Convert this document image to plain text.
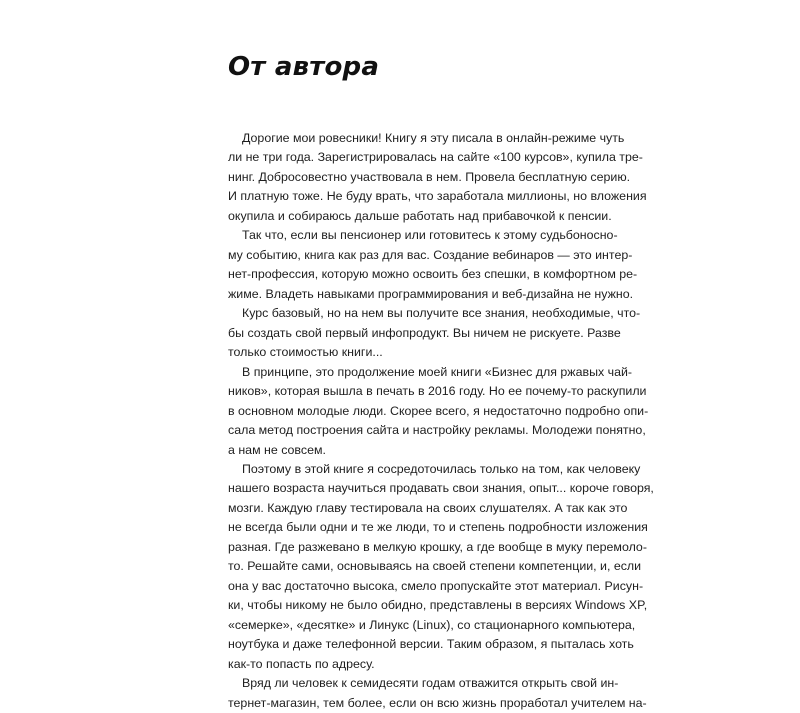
От автора
Дорогие мои ровесники! Книгу я эту писала в онлайн-режиме чуть
ли не три года. Зарегистрировалась на сайте «100 курсов», купила тре-
нинг. Добросовестно участвовала в нем. Провела бесплатную серию.
И платную тоже. Не буду врать, что заработала миллионы, но вложения
окупила и собираюсь дальше работать над прибавочкой к пенсии.
Так что, если вы пенсионер или готовитесь к этому судьбоносно-
му событию, книга как раз для вас. Создание вебинаров — это интер-
нет-профессия, которую можно освоить без спешки, в комфортном ре-
жиме. Владеть навыками программирования и веб-дизайна не нужно.
Курс базовый, но на нем вы получите все знания, необходимые, что-
бы создать свой первый инфопродукт. Вы ничем не рискуете. Разве
только стоимостью книги...
В принципе, это продолжение моей книги «Бизнес для ржавых чай-
ников», которая вышла в печать в 2016 году. Но ее почему-то раскупили
в основном молодые люди. Скорее всего, я недостаточно подробно опи-
сала метод построения сайта и настройку рекламы. Молодежи понятно,
а нам не совсем.
Поэтому в этой книге я сосредоточилась только на том, как человеку
нашего возраста научиться продавать свои знания, опыт... короче говоря,
мозги. Каждую главу тестировала на своих слушателях. А так как это
не всегда были одни и те же люди, то и степень подробности изложения
разная. Где разжевано в мелкую крошку, а где вообще в муку перемоло-
то. Решайте сами, основываясь на своей степени компетенции, и, если
она у вас достаточно высока, смело пропускайте этот материал. Рисун-
ки, чтобы никому не было обидно, представлены в версиях Windows XP,
«семерке», «десятке» и Линукс (Linux), со стационарного компьютера,
ноутбука и даже телефонной версии. Таким образом, я пыталась хоть
как-то попасть по адресу.
Вряд ли человек к семидесяти годам отважится открыть свой ин-
тернет-магазин, тем более, если он всю жизнь проработал учителем на-
